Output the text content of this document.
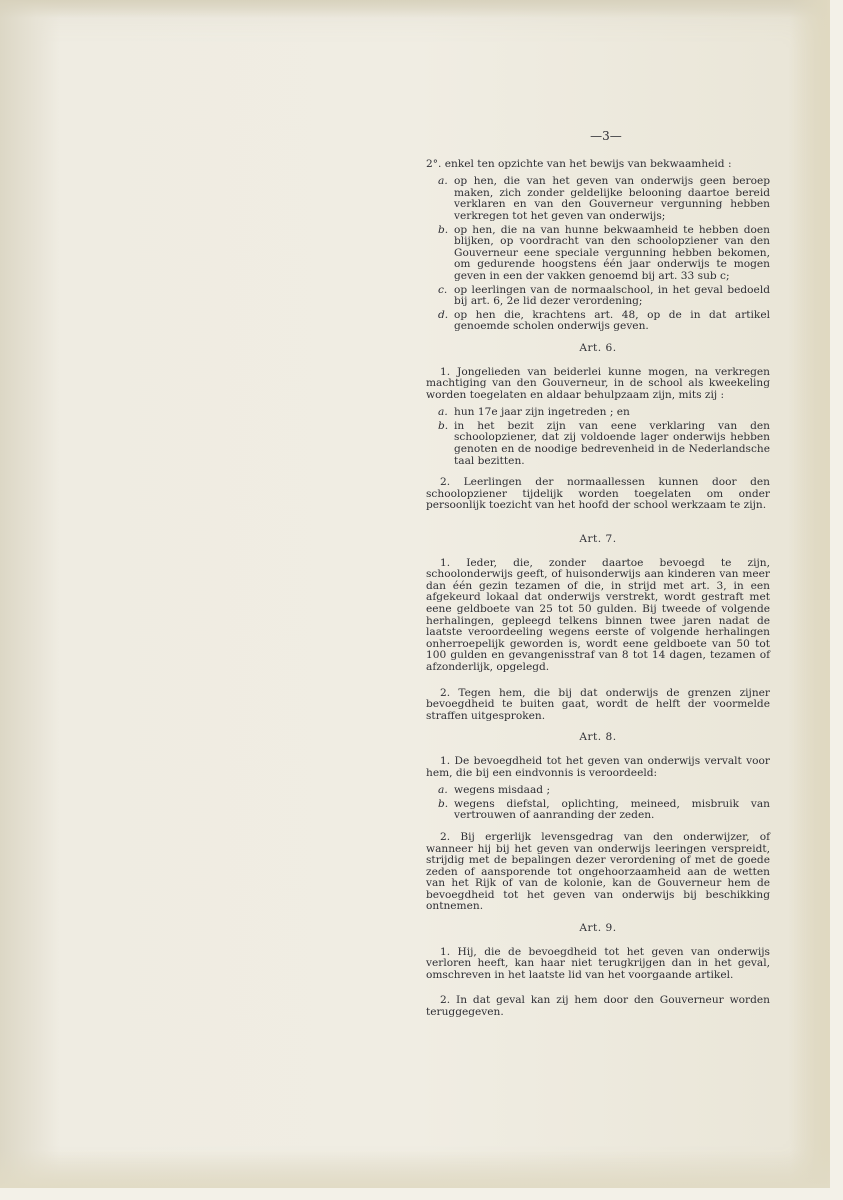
—3—

2°. enkel ten opzichte van het bewijs van bekwaamheid :

a. op hen, die van het geven van onderwijs geen beroep maken, zich zonder geldelijke belooning daartoe bereid verklaren en van den Gouverneur vergunning hebben verkregen tot het geven van onderwijs;
b. op hen, die na van hunne bekwaamheid te hebben doen blijken, op voordracht van den schoolopziener van den Gouverneur eene speciale vergunning hebben bekomen, om gedurende hoogstens één jaar onderwijs te mogen geven in een der vakken genoemd bij art. 33 sub c;
c. op leerlingen van de normaalschool, in het geval bedoeld bij art. 6, 2e lid dezer verordening;
d. op hen die, krachtens art. 48, op de in dat artikel genoemde scholen onderwijs geven.
Art. 6.

1. Jongelieden van beiderlei kunne mogen, na verkregen machtiging van den Gouverneur, in de school als kweekeling worden toegelaten en aldaar behulpzaam zijn, mits zij :

a. hun 17e jaar zijn ingetreden ; en
b. in het bezit zijn van eene verklaring van den schoolopziener, dat zij voldoende lager onderwijs hebben genoten en de noodige bedrevenheid in de Nederlandsche taal bezitten.

2. Leerlingen der normaallessen kunnen door den schoolopziener tijdelijk worden toegelaten om onder persoonlijk toezicht van het hoofd der school werkzaam te zijn.

Art. 7.

1. Ieder, die, zonder daartoe bevoegd te zijn, schoolonderwijs geeft, of huisonderwijs aan kinderen van meer dan één gezin tezamen of die, in strijd met art. 3, in een afgekeurd lokaal dat onderwijs verstrekt, wordt gestraft met eene geldboete van 25 tot 50 gulden. Bij tweede of volgende herhalingen, gepleegd telkens binnen twee jaren nadat de laatste veroordeeling wegens eerste of volgende herhalingen onherroepelijk geworden is, wordt eene geldboete van 50 tot 100 gulden en gevangenisstraf van 8 tot 14 dagen, tezamen of afzonderlijk, opgelegd.

2. Tegen hem, die bij dat onderwijs de grenzen zijner bevoegdheid te buiten gaat, wordt de helft der voormelde straffen uitgesproken.

Art. 8.

1. De bevoegdheid tot het geven van onderwijs vervalt voor hem, die bij een eindvonnis is veroordeeld:

a. wegens misdaad ;
b. wegens diefstal, oplichting, meineed, misbruik van vertrouwen of aanranding der zeden.

2. Bij ergerlijk levensgedrag van den onderwijzer, of wanneer hij bij het geven van onderwijs leeringen verspreidt, strijdig met de bepalingen dezer verordening of met de goede zeden of aansporende tot ongehoorzaamheid aan de wetten van het Rijk of van de kolonie, kan de Gouverneur hem de bevoegdheid tot het geven van onderwijs bij beschikking ontnemen.

Art. 9.

1. Hij, die de bevoegdheid tot het geven van onderwijs verloren heeft, kan haar niet terugkrijgen dan in het geval, omschreven in het laatste lid van het voorgaande artikel.

2. In dat geval kan zij hem door den Gouverneur worden teruggegeven.
